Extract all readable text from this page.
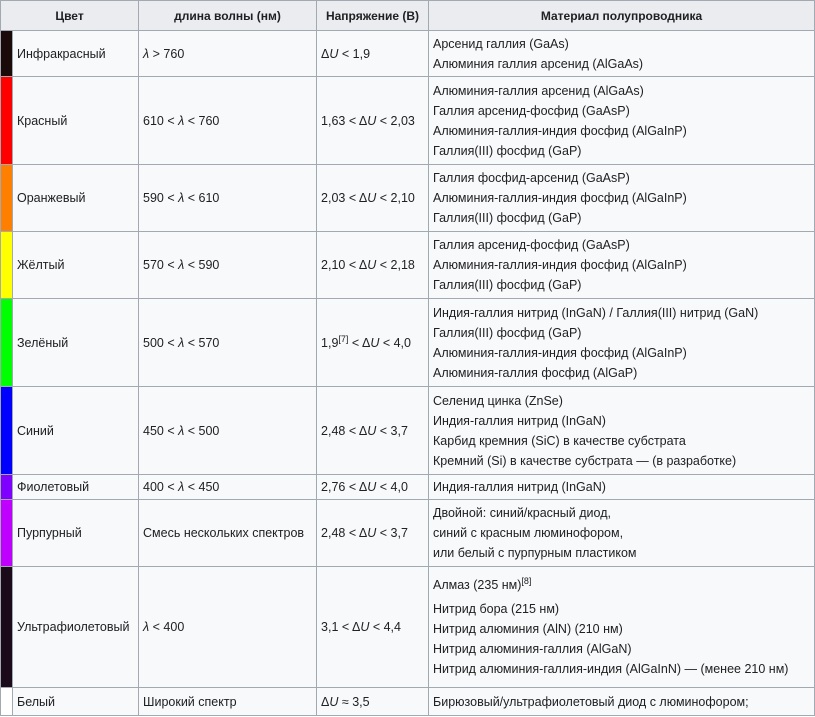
Цвет		длина волны (нм)	Напряжение (В)	Материал полупроводника
	Инфракрасный	λ > 760	ΔU < 1,9	Арсенид галлия (GaAs)
Алюминия галлия арсенид (AlGaAs)

	Красный	610 < λ < 760	1,63 < ΔU < 2,03	Алюминия-галлия арсенид (AlGaAs)
Галлия арсенид-фосфид (GaAsP)
Алюминия-галлия-индия фосфид (AlGaInP)
Галлия(III) фосфид (GaP)

	Оранжевый	590 < λ < 610	2,03 < ΔU < 2,10	Галлия фосфид-арсенид (GaAsP)
Алюминия-галлия-индия фосфид (AlGaInP)
Галлия(III) фосфид (GaP)

	Жёлтый	570 < λ < 590	2,10 < ΔU < 2,18	Галлия арсенид-фосфид (GaAsP)
Алюминия-галлия-индия фосфид (AlGaInP)
Галлия(III) фосфид (GaP)

	Зелёный	500 < λ < 570	1,9[7] < ΔU < 4,0	Индия-галлия нитрид (InGaN) / Галлия(III) нитрид (GaN)
Галлия(III) фосфид (GaP)
Алюминия-галлия-индия фосфид (AlGaInP)
Алюминия-галлия фосфид (AlGaP)

	Синий	450 < λ < 500	2,48 < ΔU < 3,7	Селенид цинка (ZnSe)
Индия-галлия нитрид (InGaN)
Карбид кремния (SiC) в качестве субстрата
Кремний (Si) в качестве субстрата — (в разработке)

	Фиолетовый	400 < λ < 450	2,76 < ΔU < 4,0	Индия-галлия нитрид (InGaN)

	Пурпурный	Смесь нескольких спектров	2,48 < ΔU < 3,7	Двойной: синий/красный диод,
синий с красным люминофором,
или белый с пурпурным пластиком

	Ультрафиолетовый	λ < 400	3,1 < ΔU < 4,4	Алмаз (235 нм)[8]
Нитрид бора (215 нм)
Нитрид алюминия (AlN) (210 нм)
Нитрид алюминия-галлия (AlGaN)
Нитрид алюминия-галлия-индия (AlGaInN) — (менее 210 нм)

	Белый	Широкий спектр	ΔU ≈ 3,5	Бирюзовый/ультрафиолетовый диод с люминофором;
